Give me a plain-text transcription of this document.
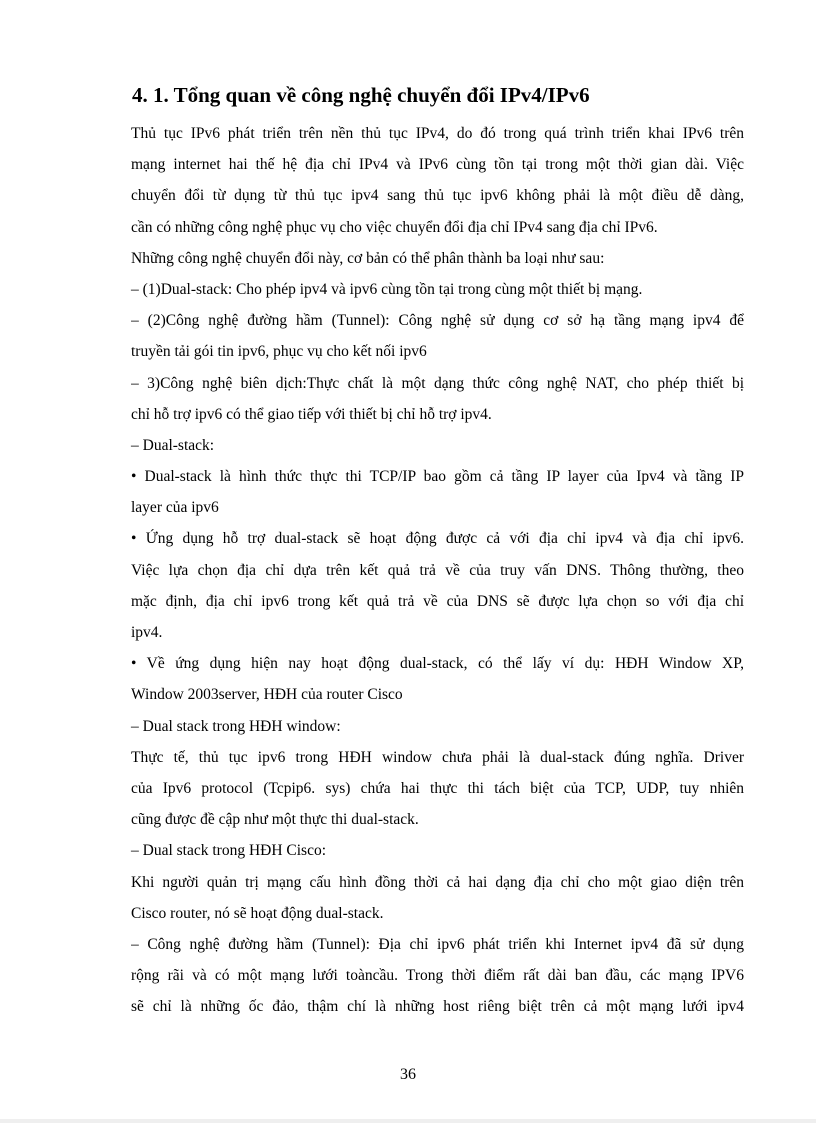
4. 1. Tổng quan về công nghệ chuyển đổi IPv4/IPv6
Thủ tục IPv6 phát triển trên nền thủ tục IPv4, do đó trong quá trình triển khai IPv6 trên
mạng internet hai thế hệ địa chỉ IPv4 và IPv6 cùng tồn tại trong một thời gian dài. Việc
chuyển đổi từ dụng từ thủ tục ipv4 sang thủ tục ipv6 không phải là một điều dễ dàng,
cần có những công nghệ phục vụ cho việc chuyển đổi địa chỉ IPv4 sang địa chỉ IPv6.
Những công nghệ chuyển đổi này, cơ bản có thể phân thành ba loại như sau:
– (1)Dual-stack: Cho phép ipv4 và ipv6 cùng tồn tại trong cùng một thiết bị mạng.
– (2)Công nghệ đường hầm (Tunnel): Công nghệ sử dụng cơ sở hạ tầng mạng ipv4 để
truyền tải gói tin ipv6, phục vụ cho kết nối ipv6
– 3)Công nghệ biên dịch:Thực chất là một dạng thức công nghệ NAT, cho phép thiết bị
chỉ hỗ trợ ipv6 có thể giao tiếp với thiết bị chỉ hỗ trợ ipv4.
– Dual-stack:
• Dual-stack là hình thức thực thi TCP/IP bao gồm cả tầng IP layer của Ipv4 và tầng IP
layer của ipv6
• Ứng dụng hỗ trợ dual-stack sẽ hoạt động được cả với địa chỉ ipv4 và địa chỉ ipv6.
Việc lựa chọn địa chỉ dựa trên kết quả trả về của truy vấn DNS. Thông thường, theo
mặc định, địa chỉ ipv6 trong kết quả trả về của DNS sẽ được lựa chọn so với địa chỉ
ipv4.
• Về ứng dụng hiện nay hoạt động dual-stack, có thể lấy ví dụ: HĐH Window XP,
Window 2003server, HĐH của router Cisco
– Dual stack trong HĐH window:
Thực tế, thủ tục ipv6 trong HĐH window chưa phải là dual-stack đúng nghĩa. Driver
của Ipv6 protocol (Tcpip6. sys) chứa hai thực thi tách biệt của TCP, UDP, tuy nhiên
cũng được đề cập như một thực thi dual-stack.
– Dual stack trong HĐH Cisco:
Khi người quản trị mạng cấu hình đồng thời cả hai dạng địa chỉ cho một giao diện trên
Cisco router, nó sẽ hoạt động dual-stack.
– Công nghệ đường hầm (Tunnel): Địa chỉ ipv6 phát triển khi Internet ipv4 đã sử dụng
rộng rãi và có một mạng lưới toàncầu. Trong thời điểm rất dài ban đầu, các mạng IPV6
sẽ chỉ là những ốc đảo, thậm chí là những host riêng biệt trên cả một mạng lưới ipv4
36
